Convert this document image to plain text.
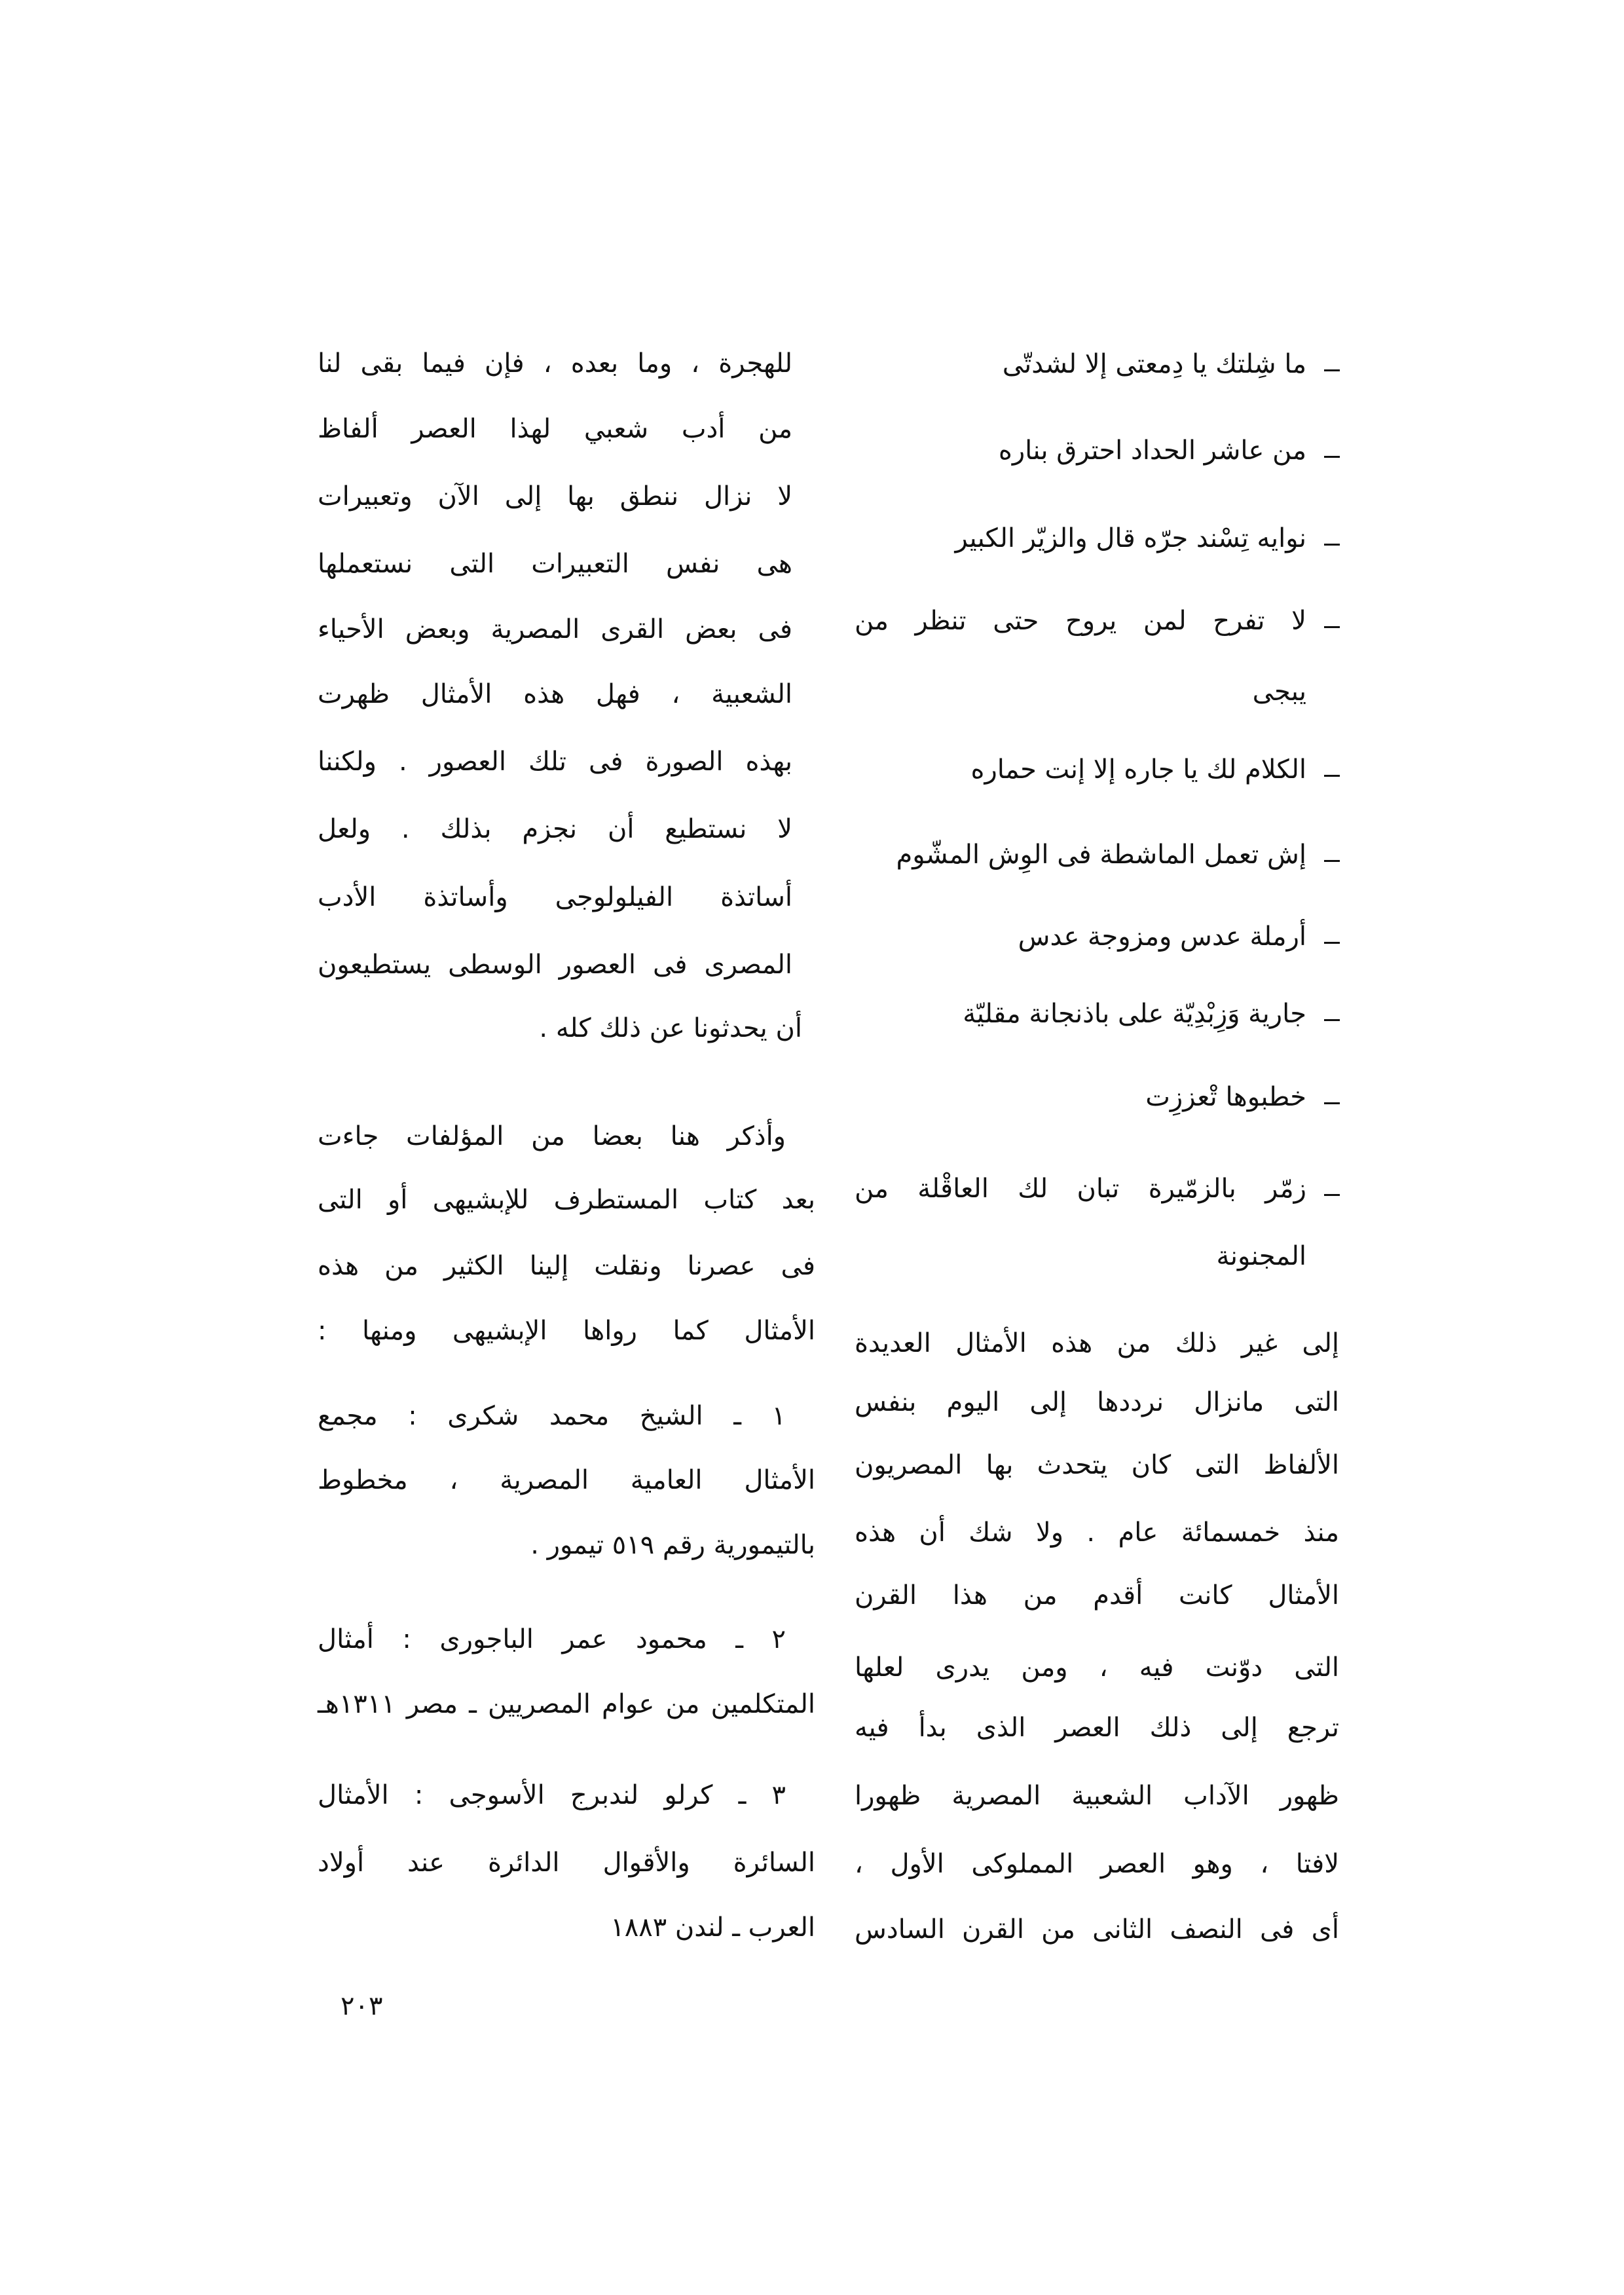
ما شِلتك يا دِمعتى إلا لشدتّى
من عاشر الحداد احترق بناره
نوايه تِسْند جرّه قال والزيّر الكبير
لا تفرح لمن يروح حتى تنظر من
يبجى
الكلام لك يا جاره إلا إنت حماره
إش تعمل الماشطة فى الوِش المشّوم
أرملة عدس ومزوجة عدس
جارية وَزِبْدِيّة على باذنجانة مقليّة
خطبوها تْعززِت
زمّر بالزمّيرة تبان لك العاقْلة من
المجنونة
إلى غير ذلك من هذه الأمثال العديدة
التى مانزال نرددها إلى اليوم بنفس
الألفاظ التى كان يتحدث بها المصريون
منذ خمسمائة عام . ولا شك أن هذه
الأمثال كانت أقدم من هذا القرن
التى دوّنت فيه ، ومن يدرى لعلها
ترجع إلى ذلك العصر الذى بدأ فيه
ظهور الآداب الشعبية المصرية ظهورا
لافتا ، وهو العصر المملوكى الأول ،
أى فى النصف الثانى من القرن السادس
للهجرة ، وما بعده ، فإن فيما بقى لنا
من أدب شعبي لهذا العصر ألفاظ
لا نزال ننطق بها إلى الآن وتعبيرات
هى نفس التعبيرات التى نستعملها
فى بعض القرى المصرية وبعض الأحياء
الشعبية ، فهل هذه الأمثال ظهرت
بهذه الصورة فى تلك العصور . ولكننا
لا نستطيع أن نجزم بذلك . ولعل
أساتذة الفيلولوجى وأساتذة الأدب
المصرى فى العصور الوسطى يستطيعون
أن يحدثونا عن ذلك كله .
وأذكر هنا بعضا من المؤلفات جاءت
بعد كتاب المستطرف للإبشيهى أو التى
فى عصرنا ونقلت إلينا الكثير من هذه
الأمثال كما رواها الإبشيهى ومنها :
١ ـ الشيخ محمد شكرى : مجمع
الأمثال العامية المصرية ، مخطوط
بالتيمورية رقم ٥١٩ تيمور .
٢ ـ محمود عمر الباجورى : أمثال
المتكلمين من عوام المصريين ـ مصر ١٣١١هـ
٣ ـ كرلو لندبرج الأسوجى : الأمثال
السائرة والأقوال الدائرة عند أولاد
العرب ـ لندن ١٨٨٣
٢٠٣
